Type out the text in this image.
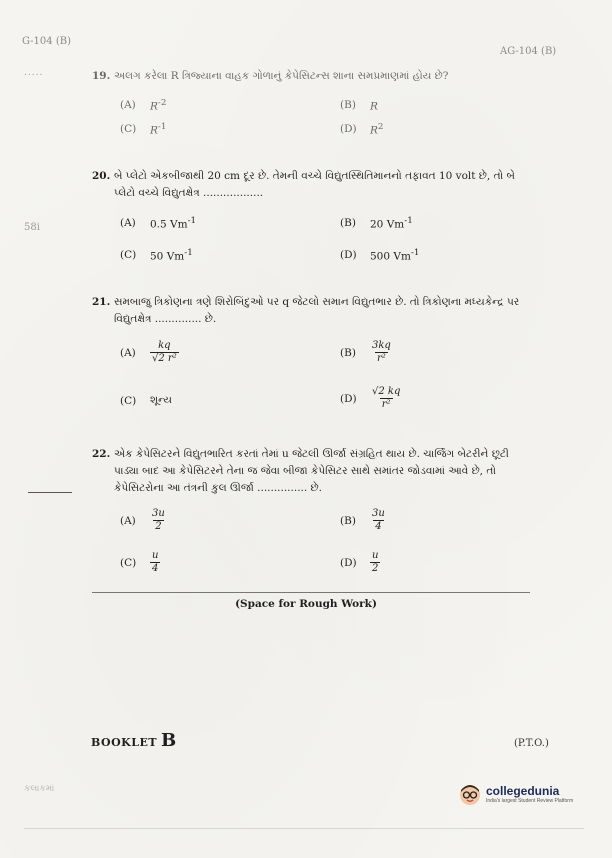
G-104 (B)
AG-104 (B)
.....
58i
19. અલગ કરેલા R ત્રિજ્યાના વાહક ગોળાનું કેપેસિટન્સ શાના સમપ્રમાણમાં હોય છે?
(A)	$R^{-2}$	(B)	R
(C)	$R^{-1}$	(D)	$R^2$
20. બે પ્લેટો એકબીજાથી 20 cm દૂર છે. તેમની વચ્ચે વિદ્યુતસ્થિતિમાનનો તફાવત 10 volt છે, તો બે પ્લેટો વચ્ચે વિદ્યુતક્ષેત્ર ..................
(A)	0.5 $Vm^{-1}$	(B)	20 $Vm^{-1}$
(C)	50 $Vm^{-1}$	(D)	500 $Vm^{-1}$
21. સમબાજુ ત્રિકોણના ત્રણે શિરોબિંદુઓ પર q જેટલો સમાન વિદ્યુતભાર છે. તો ત્રિકોણના મધ્યકેન્દ્ર પર વિદ્યુતક્ષેત્ર .............. છે.
(A)	$\frac{kq}{\text{√2 r²}}$	(B)	$\frac{3kq}{\text{r²}}$
(C)	શૂન્ય	(D)	$\frac{√2 kq}{\text{r²}}$
22. એક કેપેસિટરને વિદ્યુતભારિત કરતાં તેમાં u જેટલી ઊર્જા સંગ્રહિત થાય છે. ચાર્જિંગ બેટરીને છૂટી પાડ્યા બાદ આ કેપેસિટરને તેના જ જેવા બીજા કેપેસિટર સાથે સમાંતર જોડવામાં આવે છે, તો કેપેસિટરોના આ તંત્રની કુલ ઊર્જા ............... છે.
(A)	$\frac{3u}{2}$	(B)	$\frac{3u}{4}$
(C)	$\frac{u}{4}$	(D)	$\frac{u}{2}$
(Space for Rough Work)
BOOKLET B	(P.T.O.)
કલાકમાં	collegedunia
India's largest Student Review Platform
